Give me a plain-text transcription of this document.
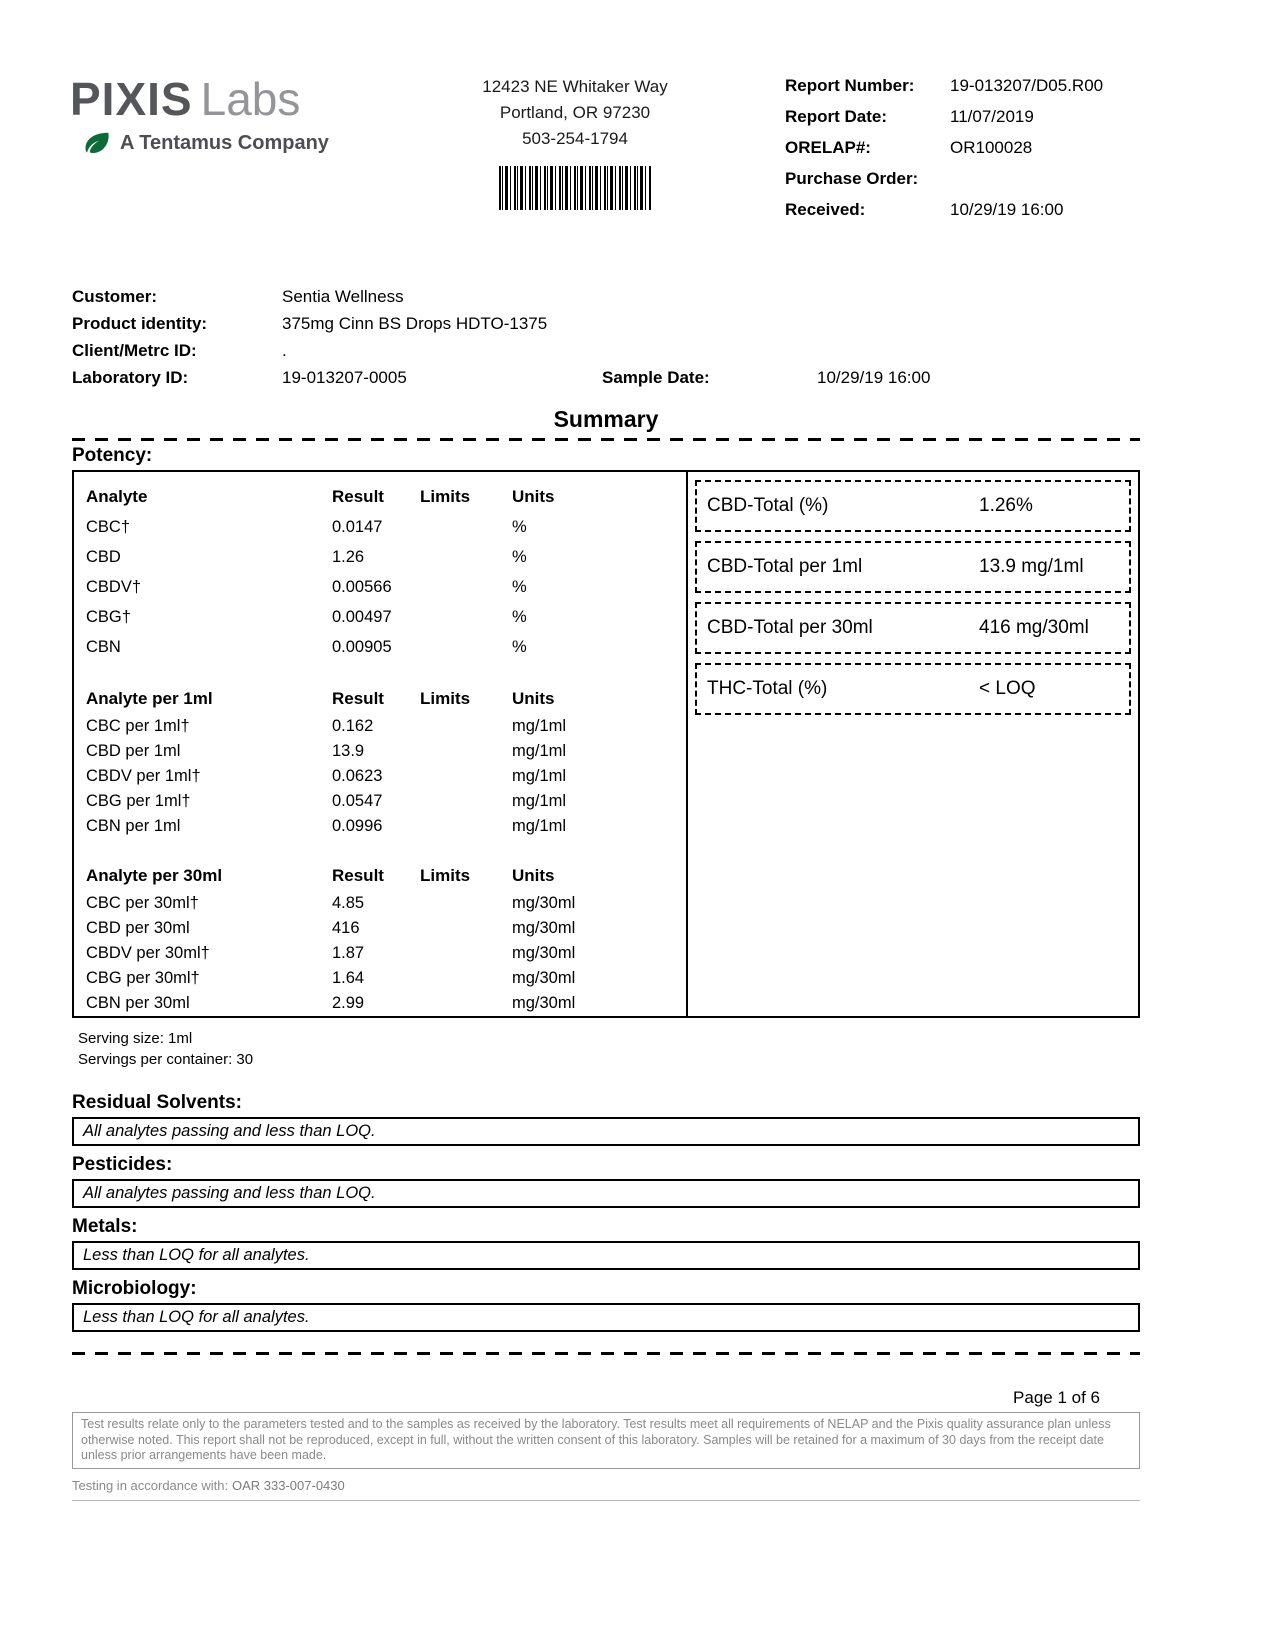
PIXIS Labs
A Tentamus Company
12423 NE Whitaker Way
Portland, OR 97230
503-254-1794
Report Number:	19-013207/D05.R00
Report Date:	11/07/2019
ORELAP#:	OR100028
Purchase Order:
Received:	10/29/19 16:00
Customer:	Sentia Wellness
Product identity:	375mg Cinn BS Drops HDTO-1375
Client/Metrc ID:	.
Laboratory ID:	19-013207-0005	Sample Date:	10/29/19 16:00
Summary
Potency:
Analyte	Result	Limits	Units
CBC†	0.0147		%
CBD	1.26		%
CBDV†	0.00566		%
CBG†	0.00497		%
CBN	0.00905		%
Analyte per 1ml	Result	Limits	Units
CBC per 1ml†	0.162		mg/1ml
CBD per 1ml	13.9		mg/1ml
CBDV per 1ml†	0.0623		mg/1ml
CBG per 1ml†	0.0547		mg/1ml
CBN per 1ml	0.0996		mg/1ml
Analyte per 30ml	Result	Limits	Units
CBC per 30ml†	4.85		mg/30ml
CBD per 30ml	416		mg/30ml
CBDV per 30ml†	1.87		mg/30ml
CBG per 30ml†	1.64		mg/30ml
CBN per 30ml	2.99		mg/30ml
CBD-Total (%)	1.26%
CBD-Total per 1ml	13.9 mg/1ml
CBD-Total per 30ml	416 mg/30ml
THC-Total (%)	< LOQ
Serving size: 1ml
Servings per container: 30
Residual Solvents:
All analytes passing and less than LOQ.
Pesticides:
All analytes passing and less than LOQ.
Metals:
Less than LOQ for all analytes.
Microbiology:
Less than LOQ for all analytes.
Page 1 of 6
Test results relate only to the parameters tested and to the samples as received by the laboratory. Test results meet all requirements of NELAP and the Pixis quality assurance plan unless otherwise noted. This report shall not be reproduced, except in full, without the written consent of this laboratory. Samples will be retained for a maximum of 30 days from the receipt date unless prior arrangements have been made.
Testing in accordance with: OAR 333-007-0430
